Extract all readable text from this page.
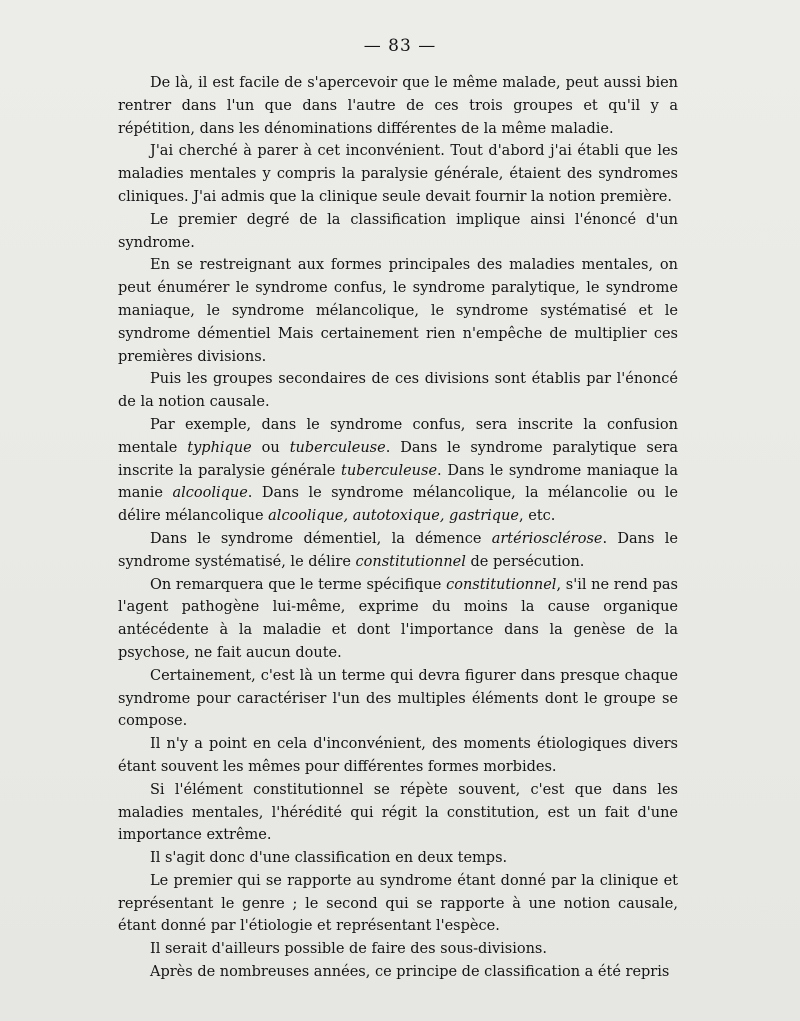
— 83 —

De là, il est facile de s'apercevoir que le même malade, peut aussi bien rentrer dans l'un que dans l'autre de ces trois groupes et qu'il y a répétition, dans les dénominations différentes de la même maladie.

J'ai cherché à parer à cet inconvénient. Tout d'abord j'ai établi que les maladies mentales y compris la paralysie générale, étaient des syndromes cliniques. J'ai admis que la clinique seule devait fournir la notion première.

Le premier degré de la classification implique ainsi l'énoncé d'un syndrome.

En se restreignant aux formes principales des maladies mentales, on peut énumérer le syndrome confus, le syndrome paralytique, le syndrome maniaque, le syndrome mélancolique, le syndrome systématisé et le syndrome démentiel Mais certainement rien n'empêche de multiplier ces premières divisions.

Puis les groupes secondaires de ces divisions sont établis par l'énoncé de la notion causale.

Par exemple, dans le syndrome confus, sera inscrite la confusion mentale typhique ou tuberculeuse. Dans le syndrome paralytique sera inscrite la paralysie générale tuberculeuse. Dans le syndrome maniaque la manie alcoolique. Dans le syndrome mélancolique, la mélancolie ou le délire mélancolique alcoolique, autotoxique, gastrique, etc.

Dans le syndrome démentiel, la démence artériosclérose. Dans le syndrome systématisé, le délire constitutionnel de persécution.

On remarquera que le terme spécifique constitutionnel, s'il ne rend pas l'agent pathogène lui-même, exprime du moins la cause organique antécédente à la maladie et dont l'importance dans la genèse de la psychose, ne fait aucun doute.

Certainement, c'est là un terme qui devra figurer dans presque chaque syndrome pour caractériser l'un des multiples éléments dont le groupe se compose.

Il n'y a point en cela d'inconvénient, des moments étiologiques divers étant souvent les mêmes pour différentes formes morbides.

Si l'élément constitutionnel se répète souvent, c'est que dans les maladies mentales, l'hérédité qui régit la constitution, est un fait d'une importance extrême.

Il s'agit donc d'une classification en deux temps.

Le premier qui se rapporte au syndrome étant donné par la clinique et représentant le genre ; le second qui se rapporte à une notion causale, étant donné par l'étiologie et représentant l'espèce.

Il serait d'ailleurs possible de faire des sous-divisions.

Après de nombreuses années, ce principe de classification a été repris
